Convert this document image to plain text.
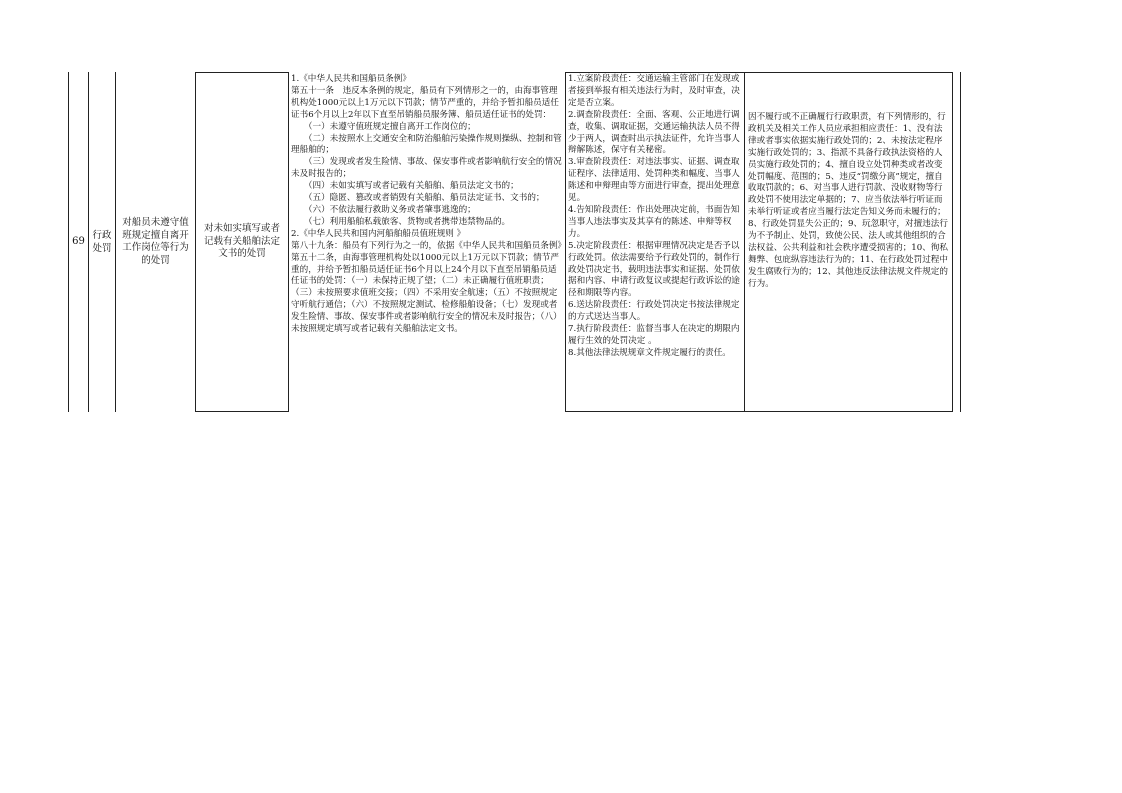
69
行政处罚
对船员未遵守值班规定擅自离开工作岗位等行为的处罚
对未如实填写或者记载有关船舶法定文书的处罚
1.《中华人民共和国船员条例》
第五十一条　违反本条例的规定，船员有下列情形之一的，由海事管理机构处1000元以上1万元以下罚款；情节严重的，并给予暂扣船员适任证书6个月以上2年以下直至吊销船员服务簿、船员适任证书的处罚：
　　（一）未遵守值班规定擅自离开工作岗位的；
　　（二）未按照水上交通安全和防治船舶污染操作规则操纵、控制和管理船舶的；
　　（三）发现或者发生险情、事故、保安事件或者影响航行安全的情况未及时报告的；
　　（四）未如实填写或者记载有关船舶、船员法定文书的；
　　（五）隐匿、篡改或者销毁有关船舶、船员法定证书、文书的；
　　（六）不依法履行救助义务或者肇事逃逸的；
　　（七）利用船舶私载旅客、货物或者携带违禁物品的。
2.《中华人民共和国内河船舶船员值班规则 》
第八十九条：船员有下列行为之一的，依据《中华人民共和国船员条例》第五十二条，由海事管理机构处以1000元以上1万元以下罚款；情节严重的，并给予暂扣船员适任证书6个月以上24个月以下直至吊销船员适任证书的处罚：（一）未保持正规了望；（二）未正确履行值班职责；（三）未按照要求值班交接；（四）不采用安全航速；（五）不按照规定守听航行通信；（六）不按照规定测试、检修船舶设备；（七）发现或者发生险情、事故、保安事件或者影响航行安全的情况未及时报告；（八）未按照规定填写或者记载有关船舶法定文书。
1.立案阶段责任：交通运输主管部门在发现或者接到举报有相关违法行为时，及时审查，决定是否立案。
2.调查阶段责任：全面、客观、公正地进行调查，收集、调取证据，交通运输执法人员不得少于两人，调查时出示执法证件，允许当事人辩解陈述，保守有关秘密。
3.审查阶段责任：对违法事实、证据、调查取证程序、法律适用、处罚种类和幅度、当事人陈述和申辩理由等方面进行审查，提出处理意见。
4.告知阶段责任：作出处理决定前，书面告知当事人违法事实及其享有的陈述、申辩等权力。
5.决定阶段责任：根据审理情况决定是否予以行政处罚。依法需要给予行政处罚的，制作行政处罚决定书，载明违法事实和证据、处罚依据和内容、申请行政复议或提起行政诉讼的途径和期限等内容。
6.送达阶段责任：行政处罚决定书按法律规定的方式送达当事人。
7.执行阶段责任：监督当事人在决定的期限内履行生效的处罚决定 。
8.其他法律法规规章文件规定履行的责任。
因不履行或不正确履行行政职责，有下列情形的，行政机关及相关工作人员应承担相应责任：1、没有法律或者事实依据实施行政处罚的；2、未按法定程序实施行政处罚的；3、指派不具备行政执法资格的人员实施行政处罚的；4、擅自设立处罚种类或者改变处罚幅度、范围的；5、违反“罚缴分离”规定，擅自收取罚款的；6、对当事人进行罚款、没收财物等行政处罚不使用法定单据的；7、应当依法举行听证而未举行听证或者应当履行法定告知义务而未履行的；8、行政处罚显失公正的；9、玩忽职守，对擅违法行为不予制止、处罚，致使公民、法人或其他组织的合法权益、公共利益和社会秩序遭受损害的；10、徇私舞弊、包庇纵容违法行为的；11、在行政处罚过程中发生腐败行为的；12、其他违反法律法规文件规定的行为。
